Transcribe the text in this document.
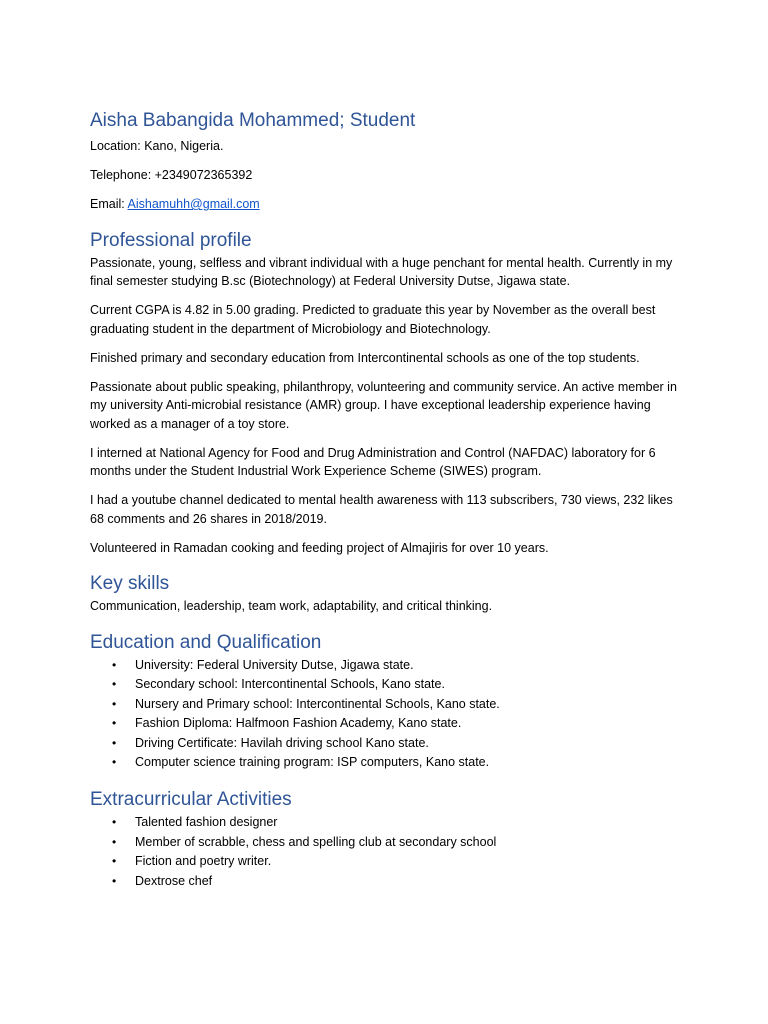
Aisha Babangida Mohammed; Student

Location: Kano, Nigeria.

Telephone: +2349072365392

Email: Aishamuhh@gmail.com

Professional profile

Passionate, young, selfless and vibrant individual with a huge penchant for mental health. Currently in my final semester studying B.sc (Biotechnology) at Federal University Dutse, Jigawa state.

Current CGPA is 4.82 in 5.00 grading. Predicted to graduate this year by November as the overall best graduating student in the department of Microbiology and Biotechnology.

Finished primary and secondary education from Intercontinental schools as one of the top students.

Passionate about public speaking, philanthropy, volunteering and community service. An active member in my university Anti-microbial resistance (AMR) group. I have exceptional leadership experience having worked as a manager of a toy store.

I interned at National Agency for Food and Drug Administration and Control (NAFDAC) laboratory for 6 months under the Student Industrial Work Experience Scheme (SIWES) program.

I had a youtube channel dedicated to mental health awareness with 113 subscribers, 730 views, 232 likes 68 comments and 26 shares in 2018/2019.

Volunteered in Ramadan cooking and feeding project of Almajiris for over 10 years.

Key skills

Communication, leadership, team work, adaptability, and critical thinking.

Education and Qualification
• University: Federal University Dutse, Jigawa state.
• Secondary school: Intercontinental Schools, Kano state.
• Nursery and Primary school: Intercontinental Schools, Kano state.
• Fashion Diploma: Halfmoon Fashion Academy, Kano state.
• Driving Certificate: Havilah driving school Kano state.
• Computer science training program: ISP computers, Kano state.
Extracurricular Activities
• Talented fashion designer
• Member of scrabble, chess and spelling club at secondary school
• Fiction and poetry writer.
• Dextrose chef
